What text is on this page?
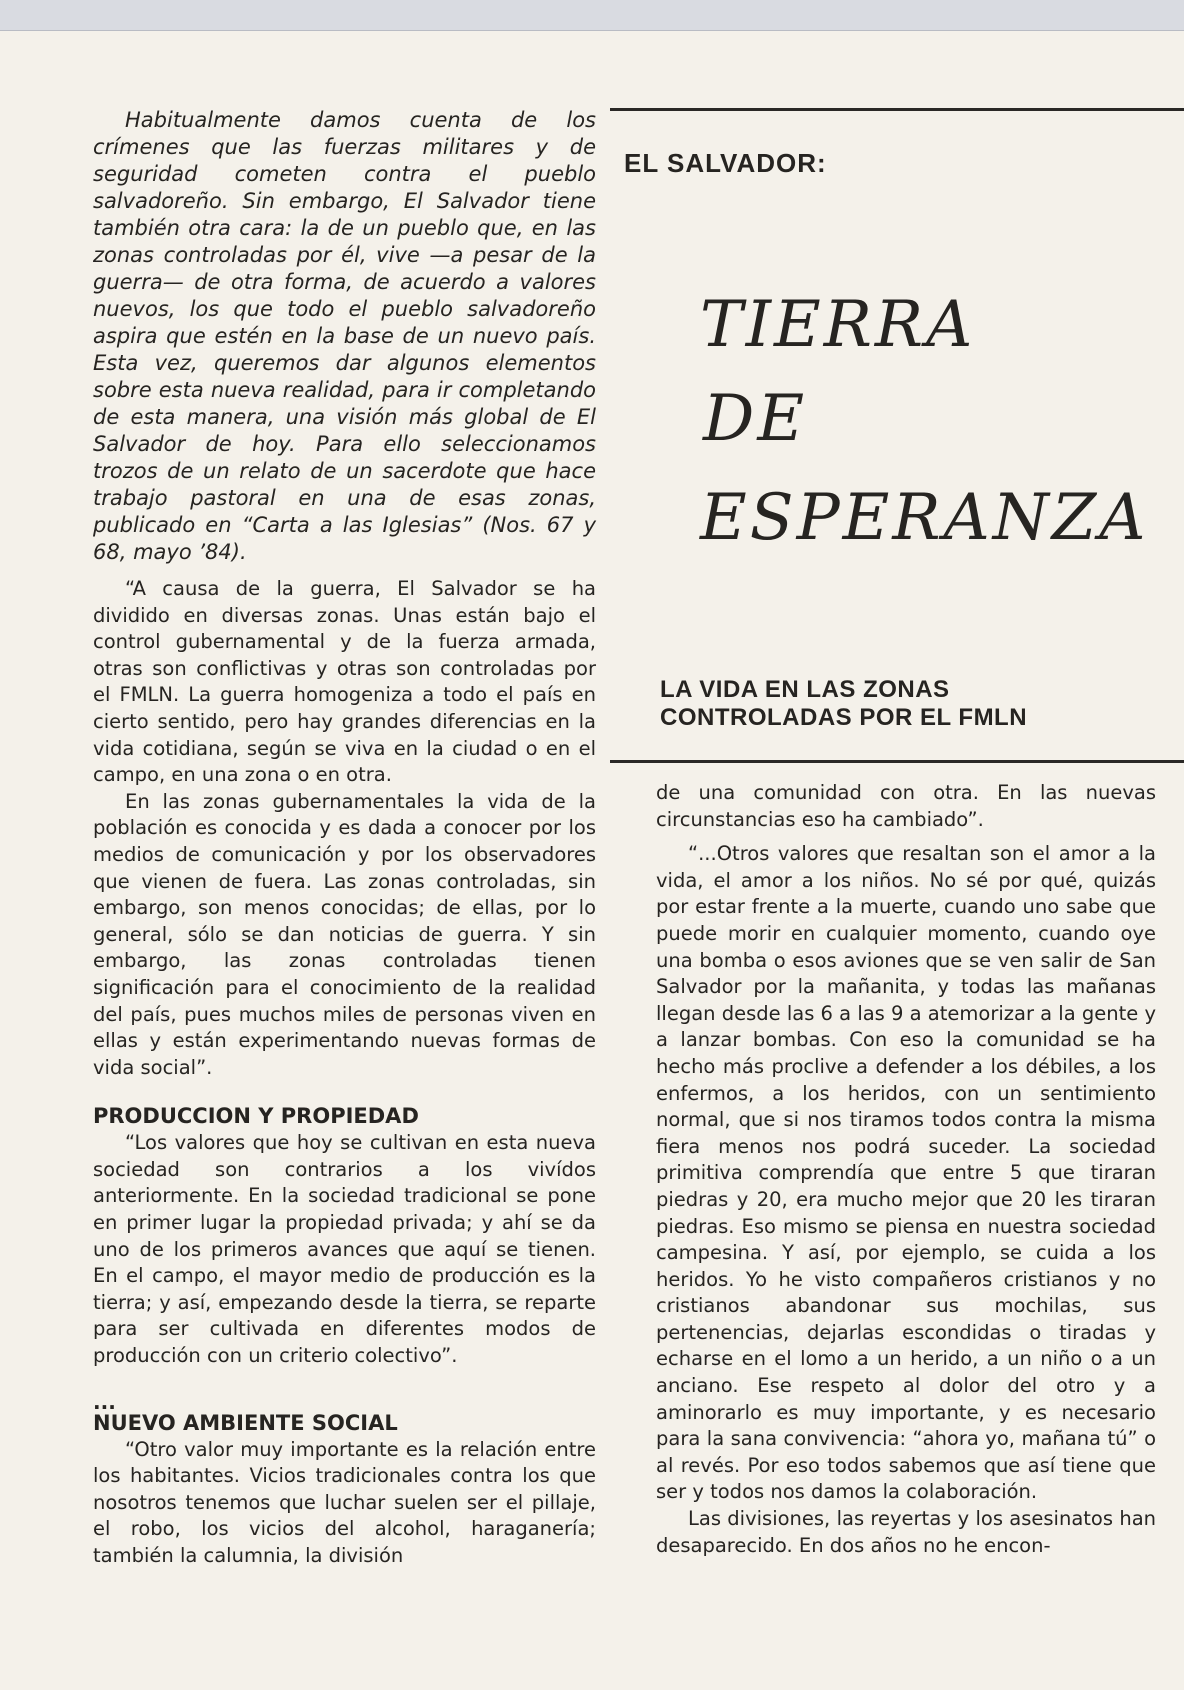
EL SALVADOR:

TIERRA
DE
ESPERANZA
LA VIDA EN LAS ZONAS
CONTROLADAS POR EL FMLN

Habitualmente damos cuenta de los crímenes que las fuerzas militares y de seguridad cometen contra el pueblo salvadoreño. Sin embargo, El Salvador tiene también otra cara: la de un pueblo que, en las zonas controladas por él, vive —a pesar de la guerra— de otra forma, de acuerdo a valores nuevos, los que todo el pueblo salvadoreño aspira que estén en la base de un nuevo país. Esta vez, queremos dar algunos elementos sobre esta nueva realidad, para ir completando de esta manera, una visión más global de El Salvador de hoy. Para ello seleccionamos trozos de un relato de un sacerdote que hace trabajo pastoral en una de esas zonas, publicado en “Carta a las Iglesias” (Nos. 67 y 68, mayo ’84).

“A causa de la guerra, El Salvador se ha dividido en diversas zonas. Unas están bajo el control gubernamental y de la fuerza armada, otras son conflictivas y otras son controladas por el FMLN. La guerra homogeniza a todo el país en cierto sentido, pero hay grandes diferencias en la vida cotidiana, según se viva en la ciudad o en el campo, en una zona o en otra.

En las zonas gubernamentales la vida de la población es conocida y es dada a conocer por los medios de comunicación y por los observadores que vienen de fuera. Las zonas controladas, sin embargo, son menos conocidas; de ellas, por lo general, sólo se dan noticias de guerra. Y sin embargo, las zonas controladas tienen significación para el conocimiento de la realidad del país, pues muchos miles de personas viven en ellas y están experimentando nuevas formas de vida social”.

PRODUCCION Y PROPIEDAD

“Los valores que hoy se cultivan en esta nueva sociedad son contrarios a los vivídos anteriormente. En la sociedad tradicional se pone en primer lugar la propiedad privada; y ahí se da uno de los primeros avances que aquí se tienen. En el campo, el mayor medio de producción es la tierra; y así, empezando desde la tierra, se reparte para ser cultivada en diferentes modos de producción con un criterio colectivo”.

...

NUEVO AMBIENTE SOCIAL

“Otro valor muy importante es la relación entre los habitantes. Vicios tradicionales contra los que nosotros tenemos que luchar suelen ser el pillaje, el robo, los vicios del alcohol, haraganería; también la calumnia, la división

de una comunidad con otra. En las nuevas circunstancias eso ha cambiado”.

“...Otros valores que resaltan son el amor a la vida, el amor a los niños. No sé por qué, quizás por estar frente a la muerte, cuando uno sabe que puede morir en cualquier momento, cuando oye una bomba o esos aviones que se ven salir de San Salvador por la mañanita, y todas las mañanas llegan desde las 6 a las 9 a atemorizar a la gente y a lanzar bombas. Con eso la comunidad se ha hecho más proclive a defender a los débiles, a los enfermos, a los heridos, con un sentimiento normal, que si nos tiramos todos contra la misma fiera menos nos podrá suceder. La sociedad primitiva comprendía que entre 5 que tiraran piedras y 20, era mucho mejor que 20 les tiraran piedras. Eso mismo se piensa en nuestra sociedad campesina. Y así, por ejemplo, se cuida a los heridos. Yo he visto compañeros cristianos y no cristianos abandonar sus mochilas, sus pertenencias, dejarlas escondidas o tiradas y echarse en el lomo a un herido, a un niño o a un anciano. Ese respeto al dolor del otro y a aminorarlo es muy importante, y es necesario para la sana convivencia: “ahora yo, mañana tú” o al revés. Por eso todos sabemos que así tiene que ser y todos nos damos la colaboración.

Las divisiones, las reyertas y los asesinatos han desaparecido. En dos años no he encon-
